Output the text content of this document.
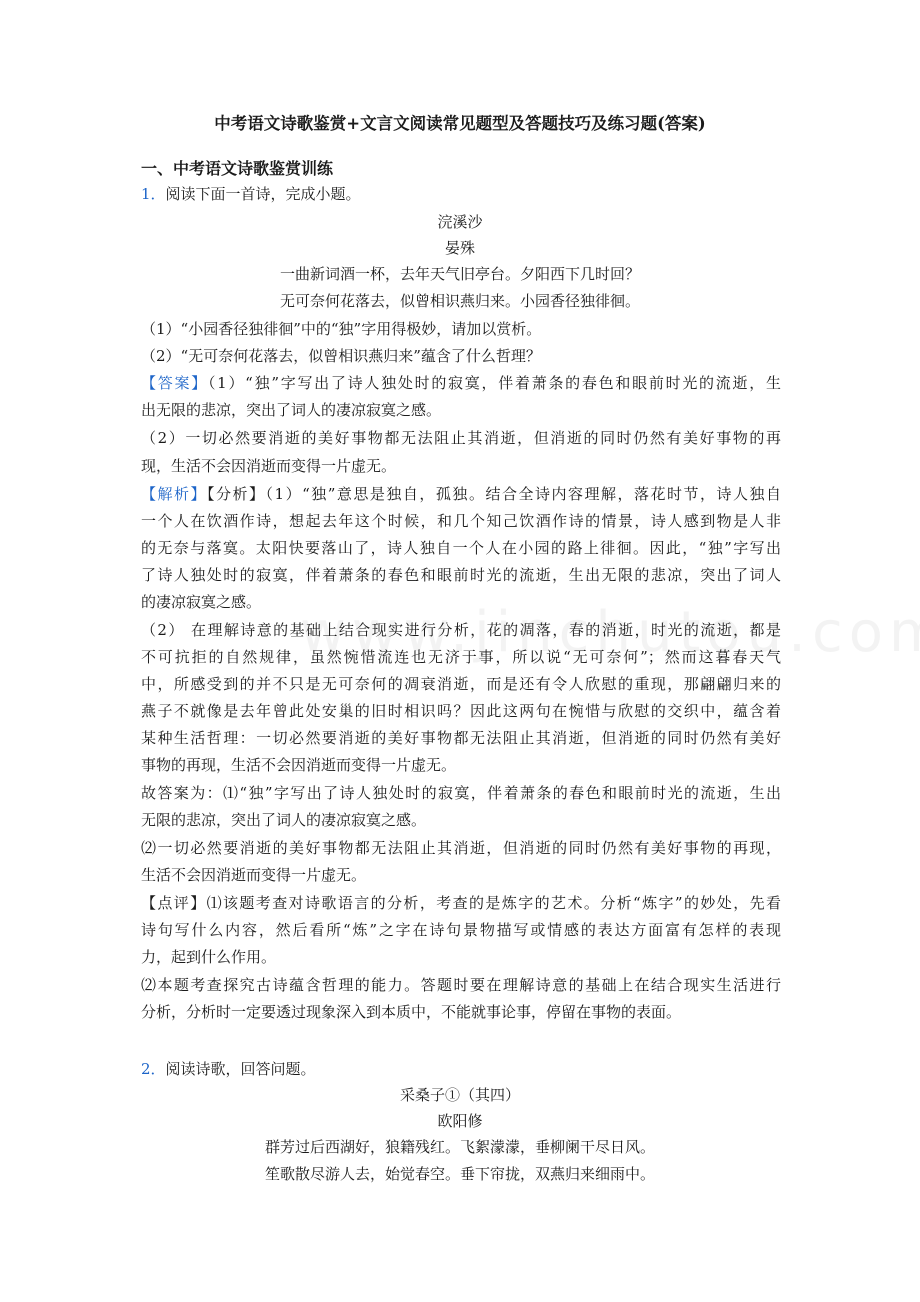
中考语文诗歌鉴赏+文言文阅读常见题型及答题技巧及练习题(答案)
一、中考语文诗歌鉴赏训练
1．阅读下面一首诗，完成小题。
浣溪沙
晏殊
一曲新词酒一杯，去年天气旧亭台。夕阳西下几时回？
无可奈何花落去，似曾相识燕归来。小园香径独徘徊。
（1）“小园香径独徘徊”中的“独”字用得极妙，请加以赏析。
（2）“无可奈何花落去，似曾相识燕归来”蕴含了什么哲理？
【答案】（1）“独”字写出了诗人独处时的寂寞，伴着萧条的春色和眼前时光的流逝，生
出无限的悲凉，突出了词人的凄凉寂寞之感。
（2）一切必然要消逝的美好事物都无法阻止其消逝，但消逝的同时仍然有美好事物的再
现，生活不会因消逝而变得一片虚无。
【解析】【分析】（1）“独”意思是独自，孤独。结合全诗内容理解，落花时节，诗人独自
一个人在饮酒作诗，想起去年这个时候，和几个知己饮酒作诗的情景，诗人感到物是人非
的无奈与落寞。太阳快要落山了，诗人独自一个人在小园的路上徘徊。因此，“独”字写出
了诗人独处时的寂寞，伴着萧条的春色和眼前时光的流逝，生出无限的悲凉，突出了词人
的凄凉寂寞之感。
（2） 在理解诗意的基础上结合现实进行分析，花的凋落，春的消逝，时光的流逝，都是
不可抗拒的自然规律，虽然惋惜流连也无济于事，所以说“无可奈何”；然而这暮春天气
中，所感受到的并不只是无可奈何的凋衰消逝，而是还有令人欣慰的重现，那翩翩归来的
燕子不就像是去年曾此处安巢的旧时相识吗？因此这两句在惋惜与欣慰的交织中，蕴含着
某种生活哲理：一切必然要消逝的美好事物都无法阻止其消逝，但消逝的同时仍然有美好
事物的再现，生活不会因消逝而变得一片虚无。
故答案为：⑴“独”字写出了诗人独处时的寂寞，伴着萧条的春色和眼前时光的流逝，生出
无限的悲凉，突出了词人的凄凉寂寞之感。
⑵一切必然要消逝的美好事物都无法阻止其消逝，但消逝的同时仍然有美好事物的再现，
生活不会因消逝而变得一片虚无。
【点评】⑴该题考查对诗歌语言的分析，考查的是炼字的艺术。分析“炼字”的妙处，先看
诗句写什么内容，然后看所“炼”之字在诗句景物描写或情感的表达方面富有怎样的表现
力，起到什么作用。
⑵本题考查探究古诗蕴含哲理的能力。答题时要在理解诗意的基础上在结合现实生活进行
分析，分析时一定要透过现象深入到本质中，不能就事论事，停留在事物的表面。
2．阅读诗歌，回答问题。
采桑子①（其四）
欧阳修
群芳过后西湖好，狼籍残红。飞絮濛濛，垂柳阑干尽日风。
笙歌散尽游人去，始觉春空。垂下帘拢，双燕归来细雨中。
